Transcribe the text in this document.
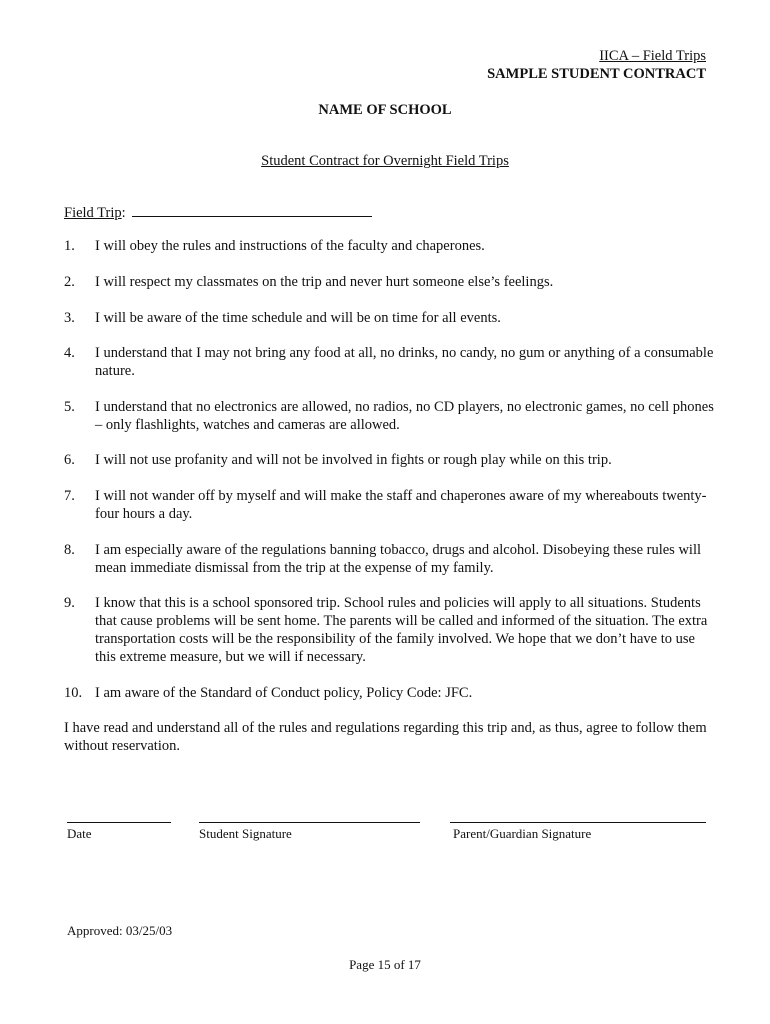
IICA – Field Trips
SAMPLE STUDENT CONTRACT
NAME OF SCHOOL
Student Contract for Overnight Field Trips
Field Trip:
1.	I will obey the rules and instructions of the faculty and chaperones.
2.	I will respect my classmates on the trip and never hurt someone else’s feelings.
3.	I will be aware of the time schedule and will be on time for all events.
4.	I understand that I may not bring any food at all, no drinks, no candy, no gum or anything of a consumable nature.
5.	I understand that no electronics are allowed, no radios, no CD players, no electronic games, no cell phones – only flashlights, watches and cameras are allowed.
6.	I will not use profanity and will not be involved in fights or rough play while on this trip.
7.	I will not wander off by myself and will make the staff and chaperones aware of my whereabouts twenty-four hours a day.
8.	I am especially aware of the regulations banning tobacco, drugs and alcohol. Disobeying these rules will mean immediate dismissal from the trip at the expense of my family.
9.	I know that this is a school sponsored trip. School rules and policies will apply to all situations. Students that cause problems will be sent home. The parents will be called and informed of the situation. The extra transportation costs will be the responsibility of the family involved. We hope that we don’t have to use this extreme measure, but we will if necessary.
10. I am aware of the Standard of Conduct policy, Policy Code: JFC.
I have read and understand all of the rules and regulations regarding this trip and, as thus, agree to follow them without reservation.
Date	Student Signature	Parent/Guardian Signature
Approved: 03/25/03
Page 15 of 17
